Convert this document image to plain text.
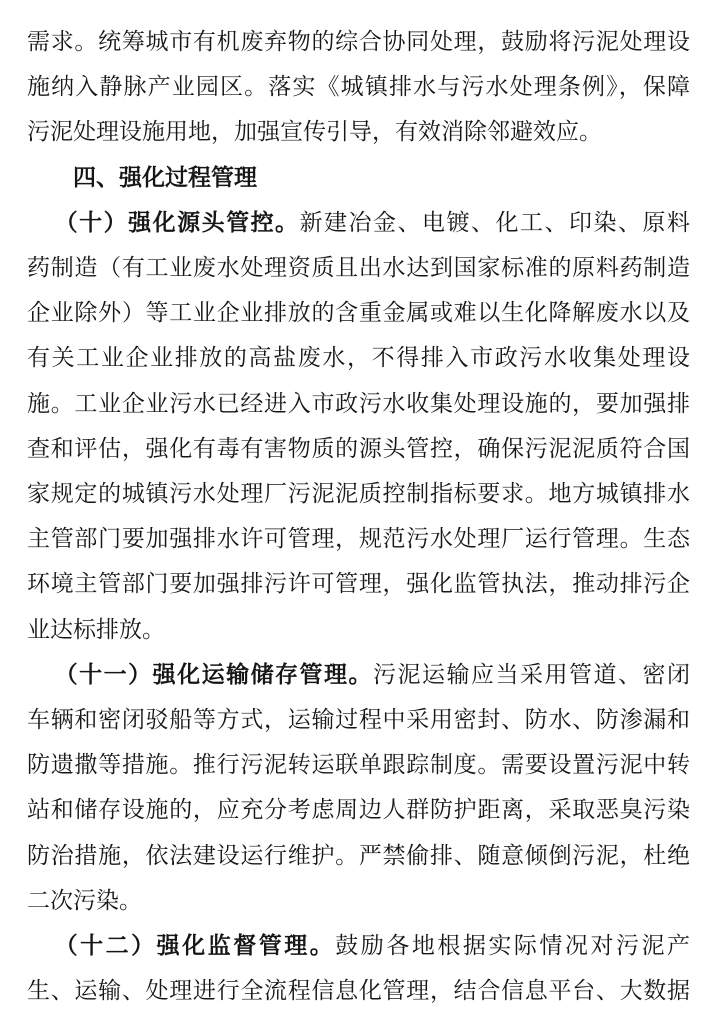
需求。统筹城市有机废弃物的综合协同处理，鼓励将污泥处理设
施纳入静脉产业园区。落实《城镇排水与污水处理条例》，保障
污泥处理设施用地，加强宣传引导，有效消除邻避效应。
四、强化过程管理
（十）强化源头管控。新建冶金、电镀、化工、印染、原料
药制造（有工业废水处理资质且出水达到国家标准的原料药制造
企业除外）等工业企业排放的含重金属或难以生化降解废水以及
有关工业企业排放的高盐废水，不得排入市政污水收集处理设
施。工业企业污水已经进入市政污水收集处理设施的，要加强排
查和评估，强化有毒有害物质的源头管控，确保污泥泥质符合国
家规定的城镇污水处理厂污泥泥质控制指标要求。地方城镇排水
主管部门要加强排水许可管理，规范污水处理厂运行管理。生态
环境主管部门要加强排污许可管理，强化监管执法，推动排污企
业达标排放。
（十一）强化运输储存管理。污泥运输应当采用管道、密闭
车辆和密闭驳船等方式，运输过程中采用密封、防水、防渗漏和
防遗撒等措施。推行污泥转运联单跟踪制度。需要设置污泥中转
站和储存设施的，应充分考虑周边人群防护距离，采取恶臭污染
防治措施，依法建设运行维护。严禁偷排、随意倾倒污泥，杜绝
二次污染。
（十二）强化监督管理。鼓励各地根据实际情况对污泥产
生、运输、处理进行全流程信息化管理，结合信息平台、大数据
